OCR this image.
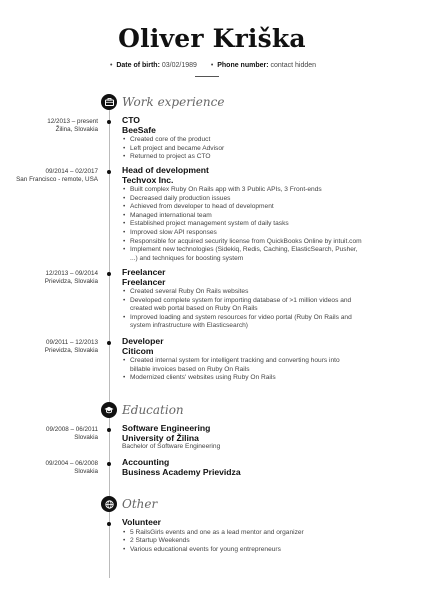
Oliver Kriška
• Date of birth: 03/02/1989 • Phone number: contact hidden
Work experience
12/2013 – present
Žilina, Slovakia
CTO
BeeSafe
• Created core of the product
• Left project and became Advisor
• Returned to project as CTO
09/2014 – 02/2017
San Francisco - remote, USA
Head of development
Techvox Inc.
• Built complex Ruby On Rails app with 3 Public APIs, 3 Front-ends
• Decreased daily production issues
• Achieved from developer to head of development
• Managed international team
• Established project management system of daily tasks
• Improved slow API responses
• Responsible for acquired security license from QuickBooks Online by intuit.com
• Implement new technologies (Sidekiq, Redis, Caching, ElasticSearch, Pusher,
...) and techniques for boosting system
12/2013 – 09/2014
Prievidza, Slovakia
Freelancer
Freelancer
• Created several Ruby On Rails websites
• Developed complete system for importing database of >1 million videos and
created web portal based on Ruby On Rails
• Improved loading and system resources for video portal (Ruby On Rails and
system infrastructure with Elasticsearch)
09/2011 – 12/2013
Prievidza, Slovakia
Developer
Citicom
• Created internal system for intelligent tracking and converting hours into
billable invoices based on Ruby On Rails
• Modernized clients' websites using Ruby On Rails
Education
09/2008 – 06/2011
Slovakia
Software Engineering
University of Žilina
Bachelor of Software Engineering
09/2004 – 06/2008
Slovakia
Accounting
Business Academy Prievidza
Other
Volunteer
• 5 RailsGirls events and one as a lead mentor and organizer
• 2 Startup Weekends
• Various educational events for young entrepreneurs
